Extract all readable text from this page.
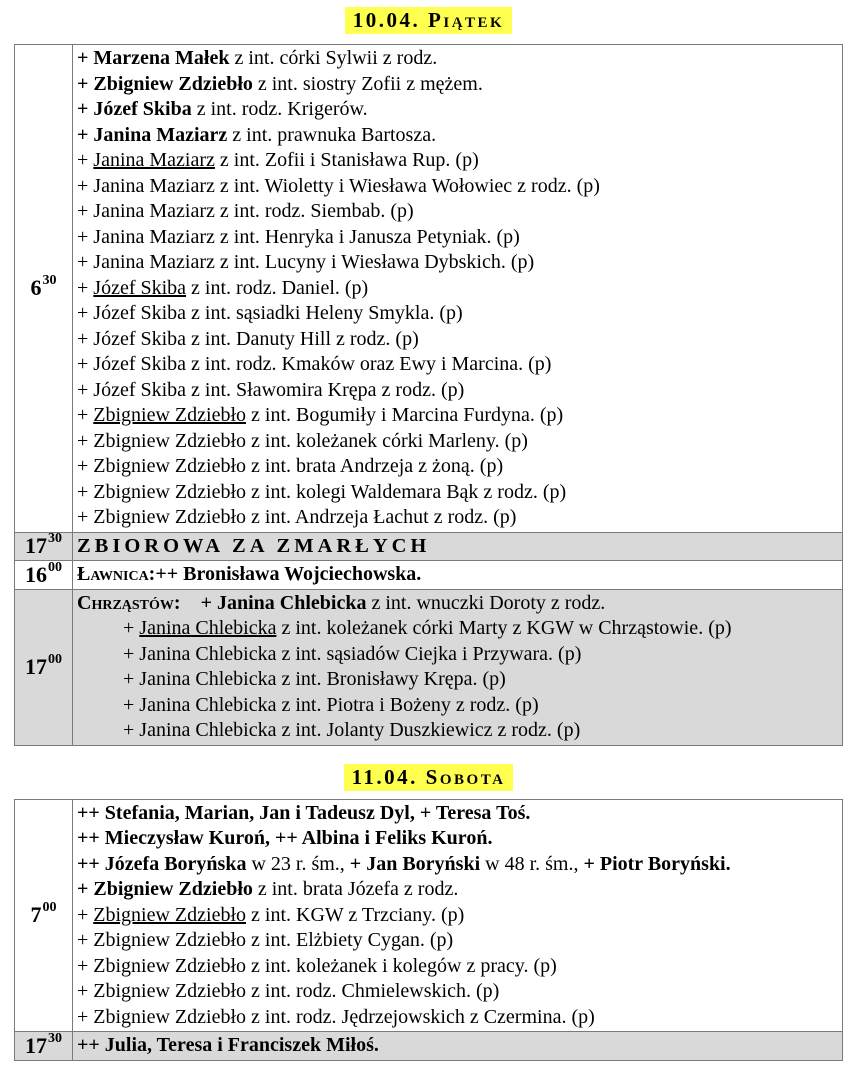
10.04. Piątek
6 30
+ Marzena Małek z int. córki Sylwii z rodz.
+ Zbigniew Zdziebło z int. siostry Zofii z mężem.
+ Józef Skiba z int. rodz. Krigerów.
+ Janina Maziarz z int. prawnuka Bartosza.
+ Janina Maziarz z int. Zofii i Stanisława Rup. (p)
+ Janina Maziarz z int. Wioletty i Wiesława Wołowiec z rodz. (p)
+ Janina Maziarz z int. rodz. Siembab. (p)
+ Janina Maziarz z int. Henryka i Janusza Petyniak. (p)
+ Janina Maziarz z int. Lucyny i Wiesława Dybskich. (p)
+ Józef Skiba z int. rodz. Daniel. (p)
+ Józef Skiba z int. sąsiadki Heleny Smykla. (p)
+ Józef Skiba z int. Danuty Hill z rodz. (p)
+ Józef Skiba z int. rodz. Kmaków oraz Ewy i Marcina. (p)
+ Józef Skiba z int. Sławomira Krępa z rodz. (p)
+ Zbigniew Zdziebło z int. Bogumiły i Marcina Furdyna. (p)
+ Zbigniew Zdziebło z int. koleżanek córki Marleny. (p)
+ Zbigniew Zdziebło z int. brata Andrzeja z żoną. (p)
+ Zbigniew Zdziebło z int. kolegi Waldemara Bąk z rodz. (p)
+ Zbigniew Zdziebło z int. Andrzeja Łachut z rodz. (p)
17 30 ZBIOROWA ZA ZMARŁYCH
16 00 Ławnica:++ Bronisława Wojciechowska.
17 00
Chrząstów: + Janina Chlebicka z int. wnuczki Doroty z rodz.
+ Janina Chlebicka z int. koleżanek córki Marty z KGW w Chrząstowie. (p)
+ Janina Chlebicka z int. sąsiadów Ciejka i Przywara. (p)
+ Janina Chlebicka z int. Bronisławy Krępa. (p)
+ Janina Chlebicka z int. Piotra i Bożeny z rodz. (p)
+ Janina Chlebicka z int. Jolanty Duszkiewicz z rodz. (p)
11.04. Sobota
7 00
++ Stefania, Marian, Jan i Tadeusz Dyl, + Teresa Toś.
++ Mieczysław Kuroń, ++ Albina i Feliks Kuroń.
++ Józefa Boryńska w 23 r. śm., + Jan Boryński w 48 r. śm., + Piotr Boryński.
+ Zbigniew Zdziebło z int. brata Józefa z rodz.
+ Zbigniew Zdziebło z int. KGW z Trzciany. (p)
+ Zbigniew Zdziebło z int. Elżbiety Cygan. (p)
+ Zbigniew Zdziebło z int. koleżanek i kolegów z pracy. (p)
+ Zbigniew Zdziebło z int. rodz. Chmielewskich. (p)
+ Zbigniew Zdziebło z int. rodz. Jędrzejowskich z Czermina. (p)
17 30 ++ Julia, Teresa i Franciszek Miłoś.
